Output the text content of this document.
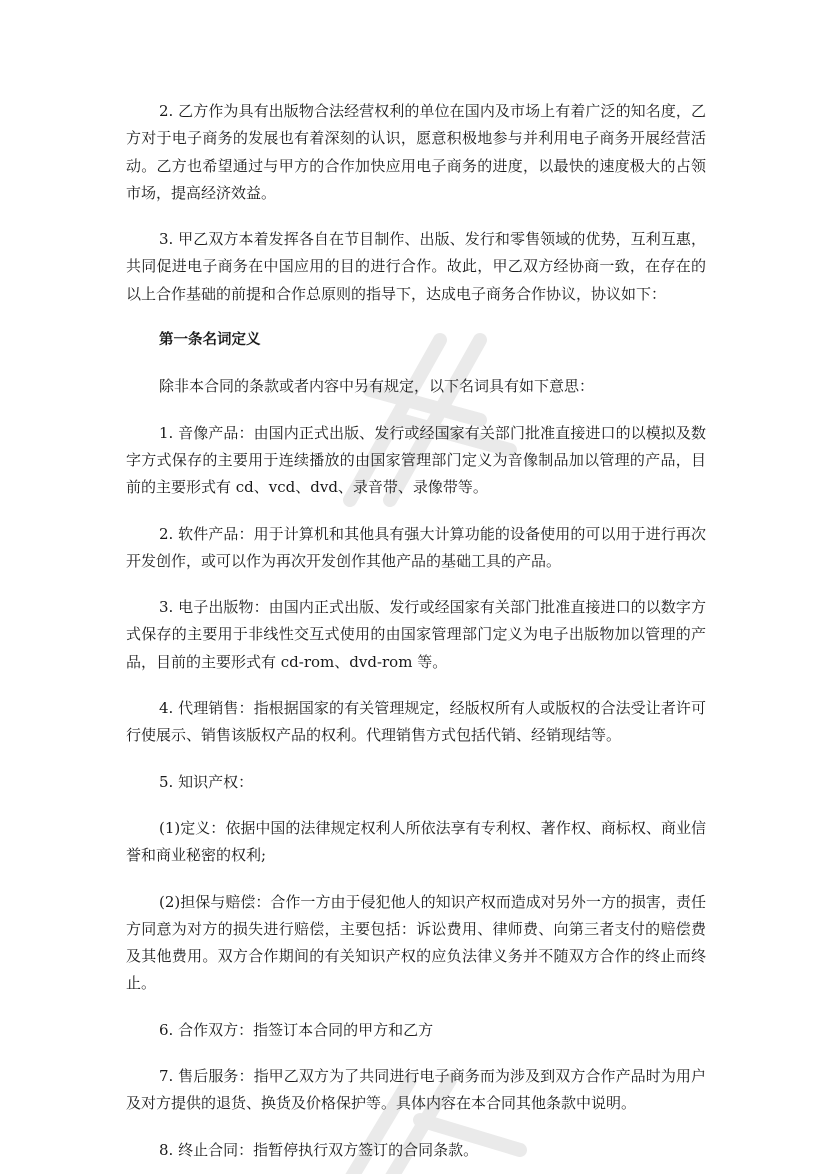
2. 乙方作为具有出版物合法经营权利的单位在国内及市场上有着广泛的知名度，乙方对于电子商务的发展也有着深刻的认识，愿意积极地参与并利用电子商务开展经营活动。乙方也希望通过与甲方的合作加快应用电子商务的进度，以最快的速度极大的占领市场，提高经济效益。

3. 甲乙双方本着发挥各自在节目制作、出版、发行和零售领域的优势，互利互惠，共同促进电子商务在中国应用的目的进行合作。故此，甲乙双方经协商一致，在存在的以上合作基础的前提和合作总原则的指导下，达成电子商务合作协议，协议如下：

第一条名词定义

除非本合同的条款或者内容中另有规定，以下名词具有如下意思：

1. 音像产品：由国内正式出版、发行或经国家有关部门批准直接进口的以模拟及数字方式保存的主要用于连续播放的由国家管理部门定义为音像制品加以管理的产品，目前的主要形式有 cd、vcd、dvd、录音带、录像带等。

2. 软件产品：用于计算机和其他具有强大计算功能的设备使用的可以用于进行再次开发创作，或可以作为再次开发创作其他产品的基础工具的产品。

3. 电子出版物：由国内正式出版、发行或经国家有关部门批准直接进口的以数字方式保存的主要用于非线性交互式使用的由国家管理部门定义为电子出版物加以管理的产品，目前的主要形式有 cd-rom、dvd-rom 等。

4. 代理销售：指根据国家的有关管理规定，经版权所有人或版权的合法受让者许可行使展示、销售该版权产品的权利。代理销售方式包括代销、经销现结等。

5. 知识产权：

(1)定义：依据中国的法律规定权利人所依法享有专利权、著作权、商标权、商业信誉和商业秘密的权利;

(2)担保与赔偿：合作一方由于侵犯他人的知识产权而造成对另外一方的损害，责任方同意为对方的损失进行赔偿，主要包括：诉讼费用、律师费、向第三者支付的赔偿费及其他费用。双方合作期间的有关知识产权的应负法律义务并不随双方合作的终止而终止。

6. 合作双方：指签订本合同的甲方和乙方

7. 售后服务：指甲乙双方为了共同进行电子商务而为涉及到双方合作产品时为用户及对方提供的退货、换货及价格保护等。具体内容在本合同其他条款中说明。

8. 终止合同：指暂停执行双方签订的合同条款。
